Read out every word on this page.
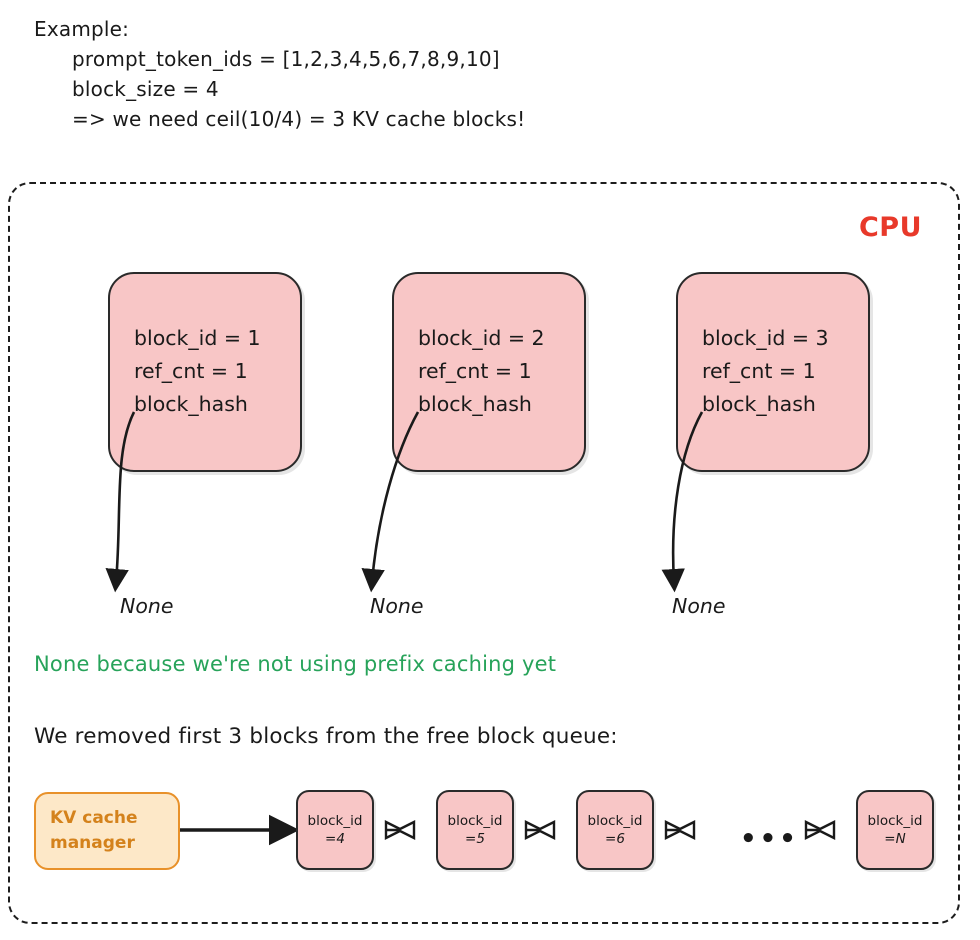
Example:
prompt_token_ids = [1,2,3,4,5,6,7,8,9,10]
block_size = 4
=> we need ceil(10/4) = 3 KV cache blocks!
CPU
block_id = 1
ref_cnt = 1
block_hash
block_id = 2
ref_cnt = 1
block_hash
block_id = 3
ref_cnt = 1
block_hash
None	None	None
None because we're not using prefix caching yet
We removed first 3 blocks from the free block queue:
KV cache
manager
block_id
=4
block_id
=5
block_id
=6
block_id
=N
•••
